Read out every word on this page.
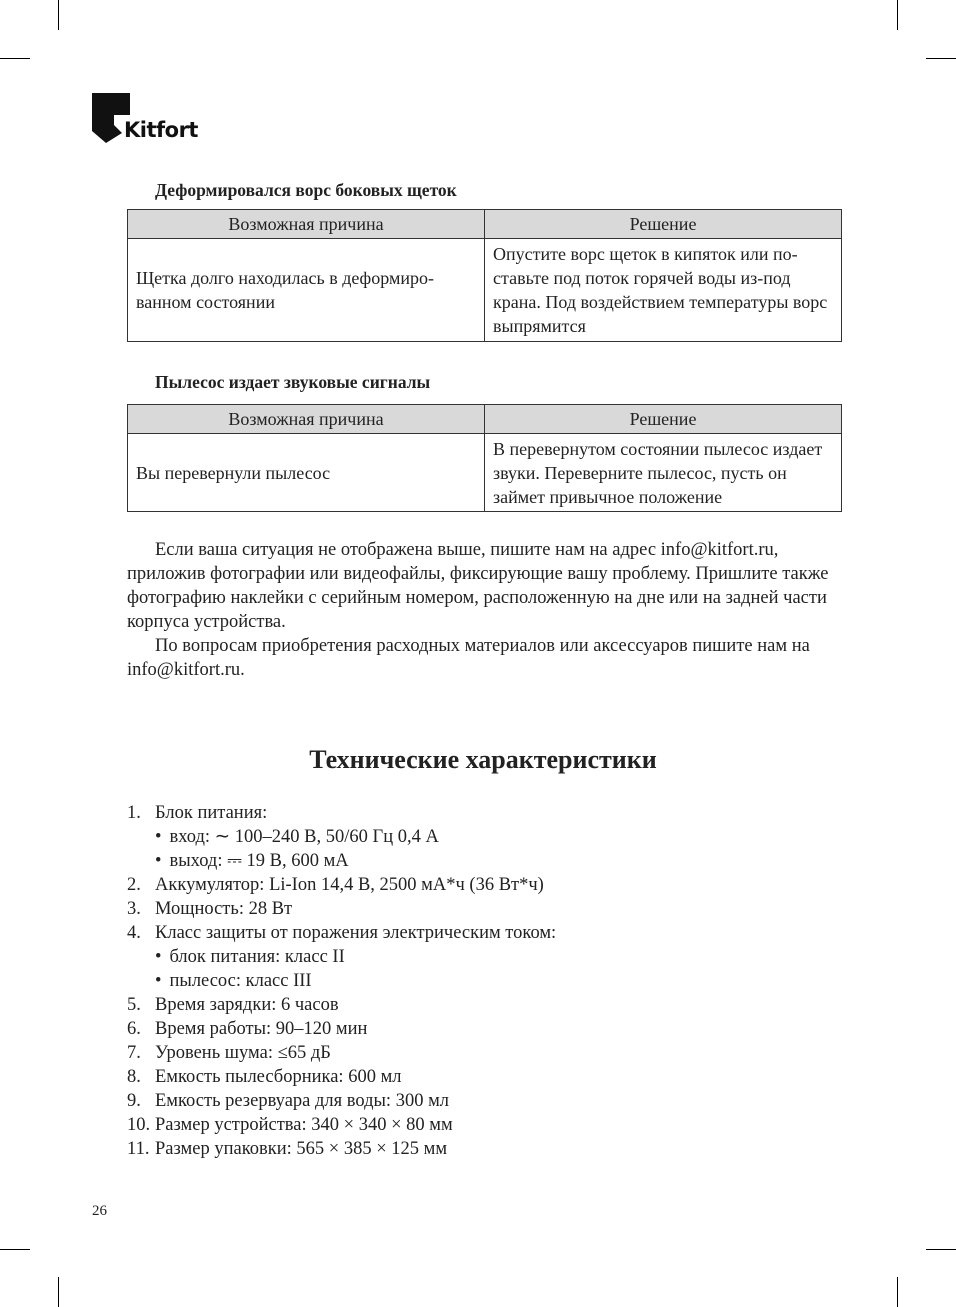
Kitfort
Деформировался ворс боковых щеток
Возможная причина	Решение
Щетка долго находилась в деформиро-ванном состоянии	Опустите ворс щеток в кипяток или по-ставьте под поток горячей воды из-под крана. Под воздействием температуры ворс выпрямится
Пылесос издает звуковые сигналы
Возможная причина	Решение
Вы перевернули пылесос	В перевернутом состоянии пылесос издает звуки. Переверните пылесос, пусть он займет привычное положение

Если ваша ситуация не отображена выше, пишите нам на адрес info@kitfort.ru, приложив фотографии или видеофайлы, фиксирующие вашу проблему. Пришлите также фотографию наклейки с серийным номером, расположенную на дне или на задней части корпуса устройства.

По вопросам приобретения расходных материалов или аксессуаров пишите нам на info@kitfort.ru.

Технические характеристики
1. Блок питания:
• вход: ∼ 100–240 В, 50/60 Гц 0,4 А
• выход: ⎓ 19 В, 600 мА
2. Аккумулятор: Li-Ion 14,4 В, 2500 мА*ч (36 Вт*ч)
3. Мощность: 28 Вт
4. Класс защиты от поражения электрическим током:
• блок питания: класс II
• пылесос: класс III
5. Время зарядки: 6 часов
6. Время работы: 90–120 мин
7. Уровень шума: ≤65 дБ
8. Емкость пылесборника: 600 мл
9. Емкость резервуара для воды: 300 мл
10. Размер устройства: 340 × 340 × 80 мм
11. Размер упаковки: 565 × 385 × 125 мм
26
